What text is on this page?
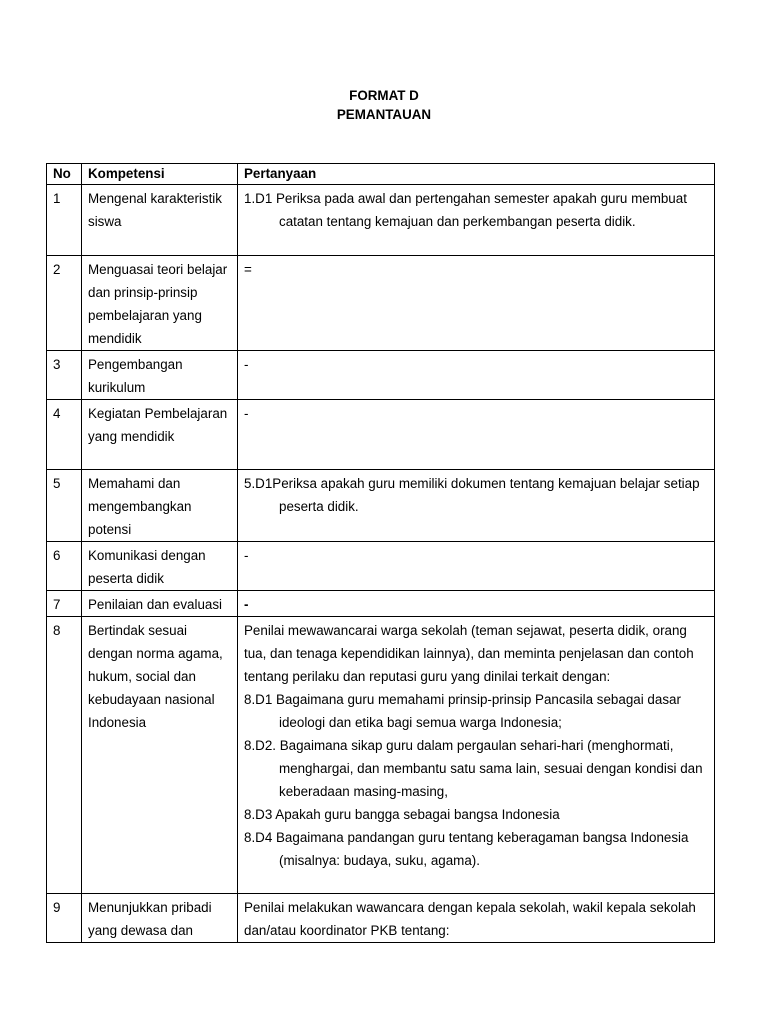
FORMAT D
PEMANTAUAN
No	Kompetensi	Pertanyaan
1	Mengenal karakteristik siswa	1.D1 Periksa pada awal dan pertengahan semester apakah guru membuat catatan tentang kemajuan dan perkembangan peserta didik.

2	Menguasai teori belajar dan prinsip-prinsip pembelajaran yang mendidik	=

3	Pengembangan kurikulum	-

4	Kegiatan Pembelajaran yang mendidik	-

5	Memahami dan mengembangkan potensi	5.D1Periksa apakah guru memiliki dokumen tentang kemajuan belajar setiap peserta didik.

6	Komunikasi dengan peserta didik	-

7	Penilaian dan evaluasi	-

8	Bertindak sesuai dengan norma agama, hukum, social dan kebudayaan nasional Indonesia	Penilai mewawancarai warga sekolah (teman sejawat, peserta didik, orang tua, dan tenaga kependidikan lainnya), dan meminta penjelasan dan contoh tentang perilaku dan reputasi guru yang dinilai terkait dengan:
8.D1 Bagaimana guru memahami prinsip-prinsip Pancasila sebagai dasar ideologi dan etika bagi semua warga Indonesia;
8.D2. Bagaimana sikap guru dalam pergaulan sehari-hari (menghormati, menghargai, dan membantu satu sama lain, sesuai dengan kondisi dan keberadaan masing-masing,
8.D3 Apakah guru bangga sebagai bangsa Indonesia
8.D4 Bagaimana pandangan guru tentang keberagaman bangsa Indonesia (misalnya: budaya, suku, agama).

9	Menunjukkan pribadi yang dewasa dan	Penilai melakukan wawancara dengan kepala sekolah, wakil kepala sekolah dan/atau koordinator PKB tentang:
